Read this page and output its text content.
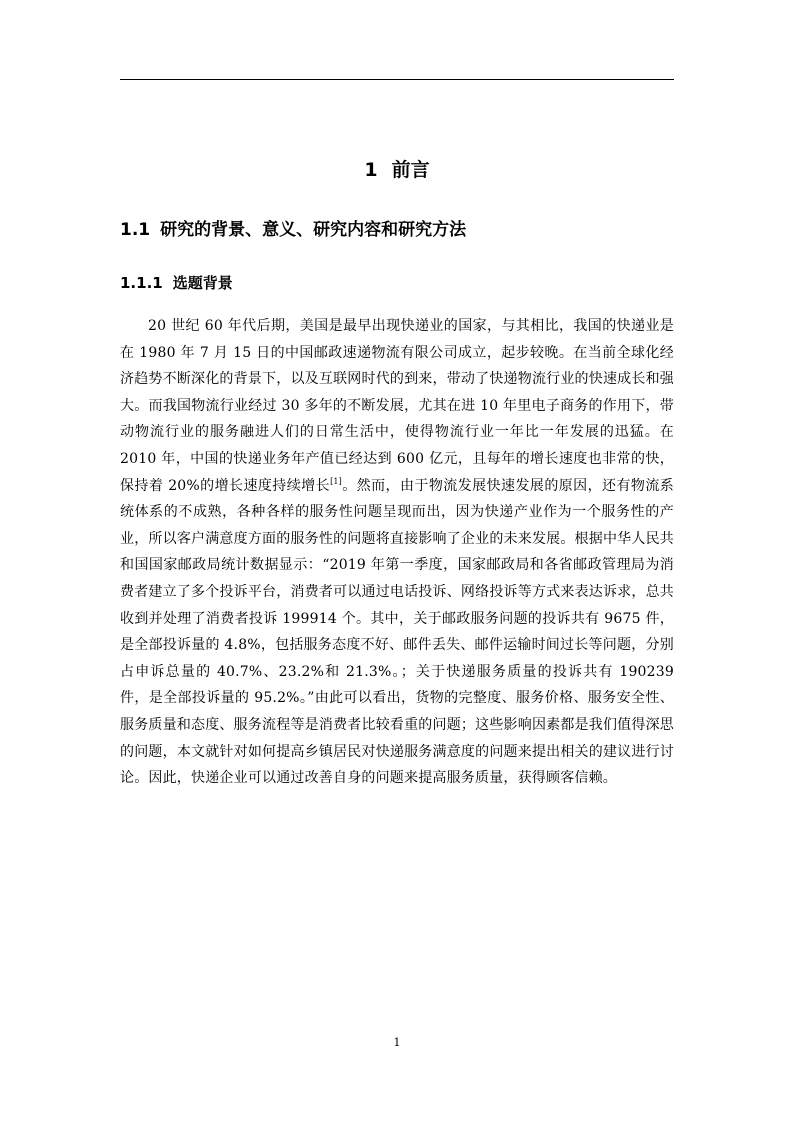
1 前言
1.1 研究的背景、意义、研究内容和研究方法
1.1.1 选题背景

20 世纪 60 年代后期，美国是最早出现快递业的国家，与其相比，我国的快递业是在 1980 年 7 月 15 日的中国邮政速递物流有限公司成立，起步较晚。在当前全球化经济趋势不断深化的背景下，以及互联网时代的到来，带动了快递物流行业的快速成长和强大。而我国物流行业经过 30 多年的不断发展，尤其在进 10 年里电子商务的作用下，带动物流行业的服务融进人们的日常生活中，使得物流行业一年比一年发展的迅猛。在 2010 年，中国的快递业务年产值已经达到 600 亿元，且每年的增长速度也非常的快，保持着 20%的增长速度持续增长[1]。然而，由于物流发展快速发展的原因，还有物流系统体系的不成熟，各种各样的服务性问题呈现而出，因为快递产业作为一个服务性的产业，所以客户满意度方面的服务性的问题将直接影响了企业的未来发展。根据中华人民共和国国家邮政局统计数据显示：“2019 年第一季度，国家邮政局和各省邮政管理局为消费者建立了多个投诉平台，消费者可以通过电话投诉、网络投诉等方式来表达诉求，总共收到并处理了消费者投诉 199914 个。其中，关于邮政服务问题的投诉共有 9675 件，是全部投诉量的 4.8%，包括服务态度不好、邮件丢失、邮件运输时间过长等问题，分别占申诉总量的 40.7%、23.2%和 21.3%。；关于快递服务质量的投诉共有 190239 件，是全部投诉量的 95.2%。”由此可以看出，货物的完整度、服务价格、服务安全性、服务质量和态度、服务流程等是消费者比较看重的问题；这些影响因素都是我们值得深思的问题，本文就针对如何提高乡镇居民对快递服务满意度的问题来提出相关的建议进行讨论。因此，快递企业可以通过改善自身的问题来提高服务质量，获得顾客信赖。

1
